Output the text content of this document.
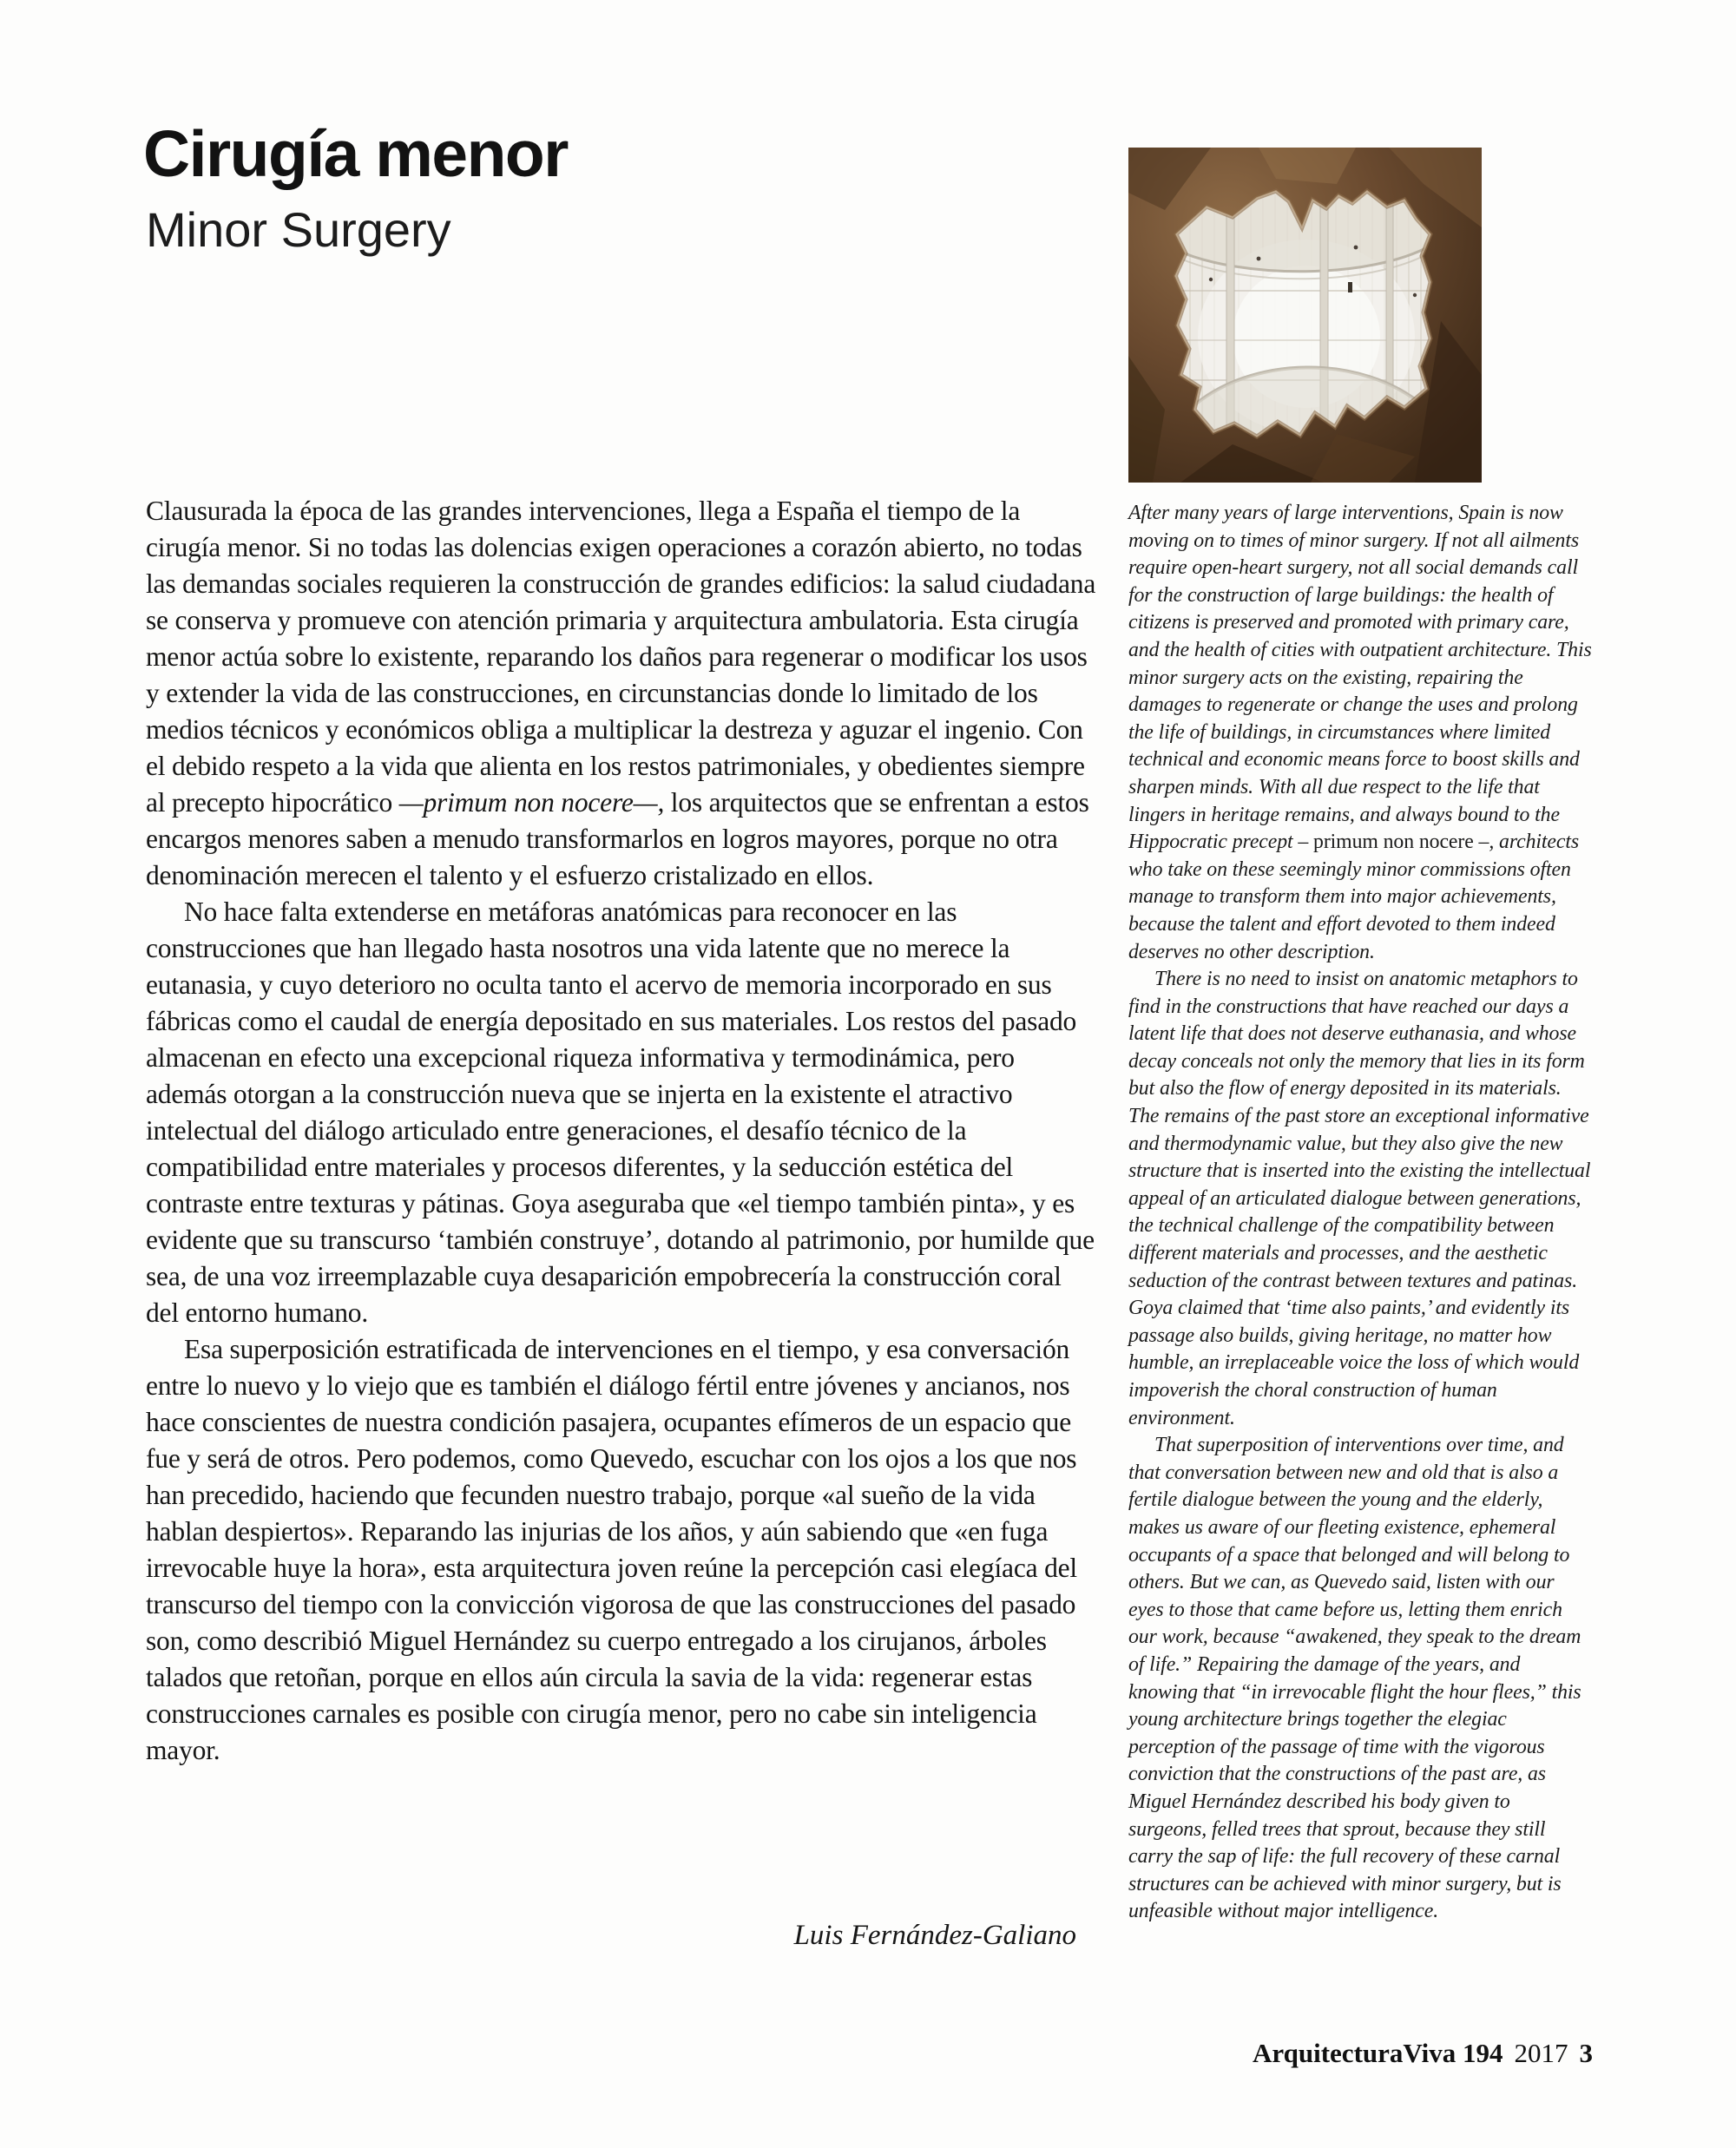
Cirugía menor
Minor Surgery

Clausurada la época de las grandes intervenciones, llega a España el tiempo de la cirugía menor. Si no todas las dolencias exigen operaciones a corazón abierto, no todas las demandas sociales requieren la construcción de grandes edificios: la salud ciudadana se conserva y promueve con atención primaria y arquitectura ambulatoria. Esta cirugía menor actúa sobre lo existente, reparando los daños para regenerar o modificar los usos y extender la vida de las construcciones, en circunstancias donde lo limitado de los medios técnicos y económicos obliga a multiplicar la destreza y aguzar el ingenio. Con el debido respeto a la vida que alienta en los restos patrimoniales, y obedientes siempre al precepto hipocrático —primum non nocere—, los arquitectos que se enfrentan a estos encargos menores saben a menudo transformarlos en logros mayores, porque no otra denominación merecen el talento y el esfuerzo cristalizado en ellos.

No hace falta extenderse en metáforas anatómicas para reconocer en las construcciones que han llegado hasta nosotros una vida latente que no merece la eutanasia, y cuyo deterioro no oculta tanto el acervo de memoria incorporado en sus fábricas como el caudal de energía depositado en sus materiales. Los restos del pasado almacenan en efecto una excepcional riqueza informativa y termodinámica, pero además otorgan a la construcción nueva que se injerta en la existente el atractivo intelectual del diálogo articulado entre generaciones, el desafío técnico de la compatibilidad entre materiales y procesos diferentes, y la seducción estética del contraste entre texturas y pátinas. Goya aseguraba que «el tiempo también pinta», y es evidente que su transcurso ‘también construye’, dotando al patrimonio, por humilde que sea, de una voz irreemplazable cuya desaparición empobrecería la construcción coral del entorno humano.

Esa superposición estratificada de intervenciones en el tiempo, y esa conversación entre lo nuevo y lo viejo que es también el diálogo fértil entre jóvenes y ancianos, nos hace conscientes de nuestra condición pasajera, ocupantes efímeros de un espacio que fue y será de otros. Pero podemos, como Quevedo, escuchar con los ojos a los que nos han precedido, haciendo que fecunden nuestro trabajo, porque «al sueño de la vida hablan despiertos». Reparando las injurias de los años, y aún sabiendo que «en fuga irrevocable huye la hora», esta arquitectura joven reúne la percepción casi elegíaca del transcurso del tiempo con la convicción vigorosa de que las construcciones del pasado son, como describió Miguel Hernández su cuerpo entregado a los cirujanos, árboles talados que retoñan, porque en ellos aún circula la savia de la vida: regenerar estas construcciones carnales es posible con cirugía menor, pero no cabe sin inteligencia mayor.

Luis Fernández-Galiano

After many years of large interventions, Spain is now moving on to times of minor surgery. If not all ailments require open-heart surgery, not all social demands call for the construction of large buildings: the health of citizens is preserved and promoted with primary care, and the health of cities with outpatient architecture. This minor surgery acts on the existing, repairing the damages to regenerate or change the uses and prolong the life of buildings, in circumstances where limited technical and economic means force to boost skills and sharpen minds. With all due respect to the life that lingers in heritage remains, and always bound to the Hippocratic precept – primum non nocere –, architects who take on these seemingly minor commissions often manage to transform them into major achievements, because the talent and effort devoted to them indeed deserves no other description.

There is no need to insist on anatomic metaphors to find in the constructions that have reached our days a latent life that does not deserve euthanasia, and whose decay conceals not only the memory that lies in its form but also the flow of energy deposited in its materials. The remains of the past store an exceptional informative and thermodynamic value, but they also give the new structure that is inserted into the existing the intellectual appeal of an articulated dialogue between generations, the technical challenge of the compatibility between different materials and processes, and the aesthetic seduction of the contrast between textures and patinas. Goya claimed that ‘time also paints,’ and evidently its passage also builds, giving heritage, no matter how humble, an irreplaceable voice the loss of which would impoverish the choral construction of human environment.

That superposition of interventions over time, and that conversation between new and old that is also a fertile dialogue between the young and the elderly, makes us aware of our fleeting existence, ephemeral occupants of a space that belonged and will belong to others. But we can, as Quevedo said, listen with our eyes to those that came before us, letting them enrich our work, because “awakened, they speak to the dream of life.” Repairing the damage of the years, and knowing that “in irrevocable flight the hour flees,” this young architecture brings together the elegiac perception of the passage of time with the vigorous conviction that the constructions of the past are, as Miguel Hernández described his body given to surgeons, felled trees that sprout, because they still carry the sap of life: the full recovery of these carnal structures can be achieved with minor surgery, but is unfeasible without major intelligence.

ArquitecturaViva 194 2017 3
